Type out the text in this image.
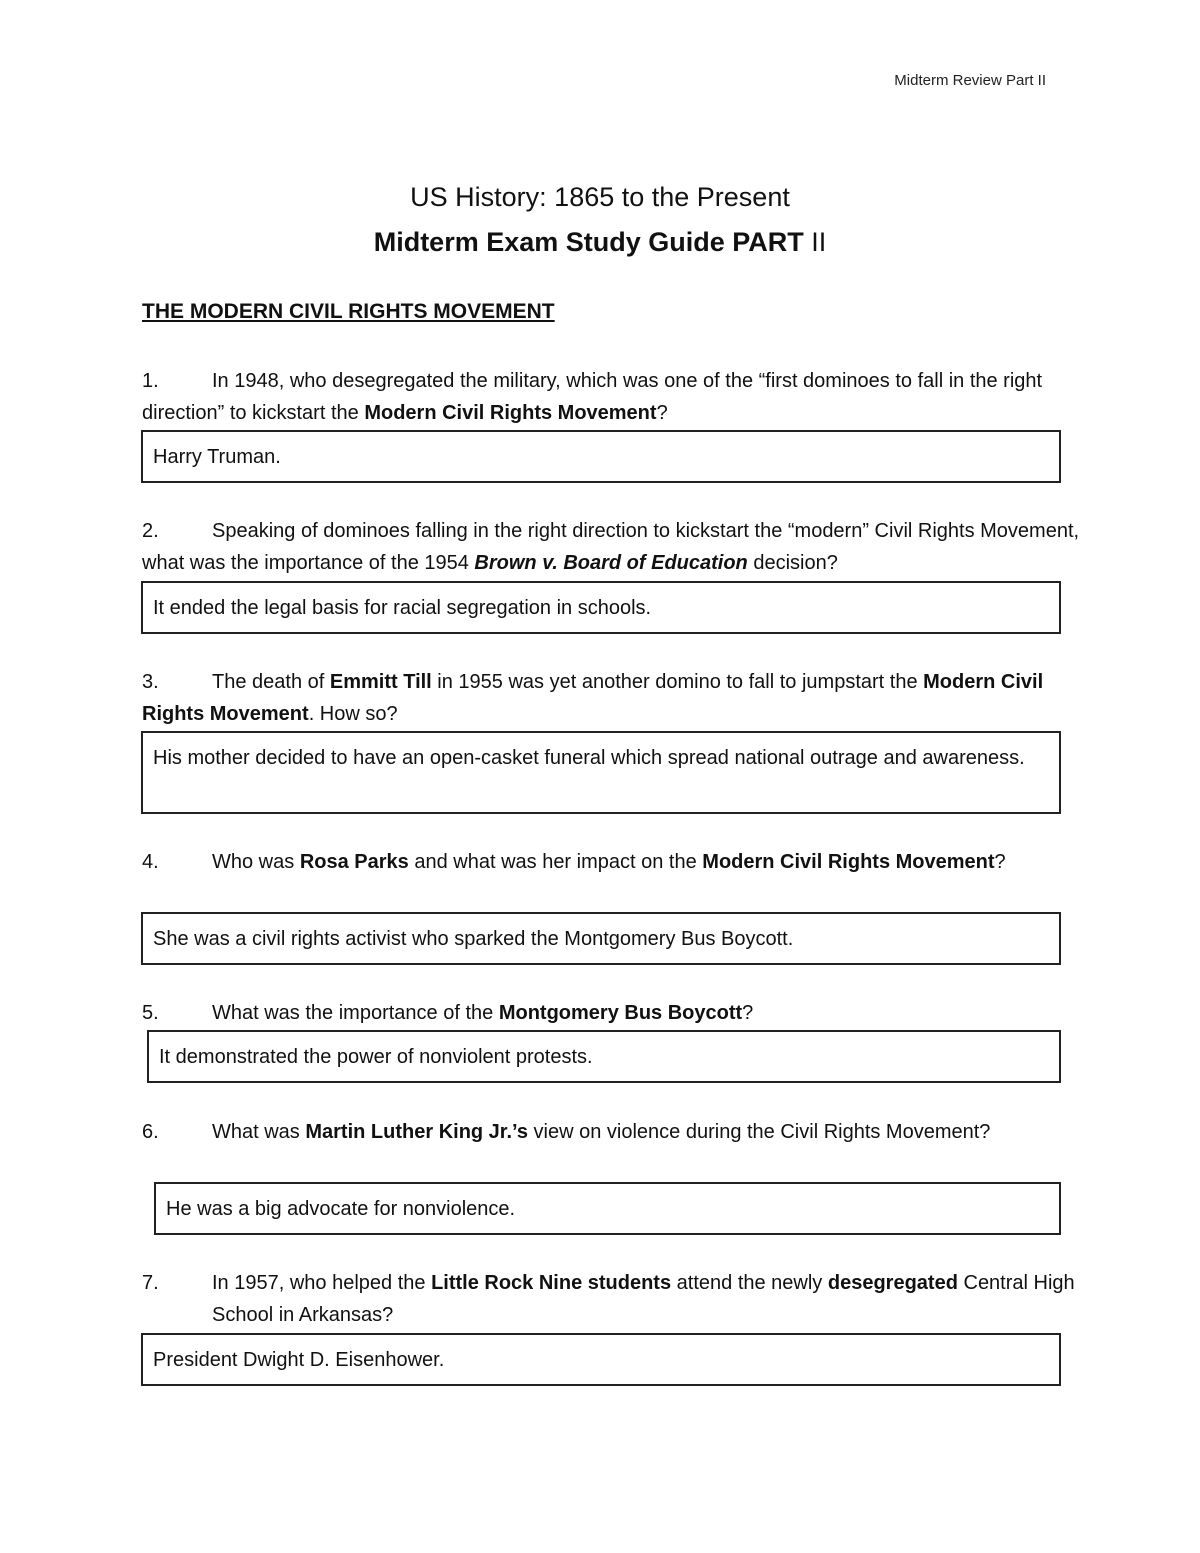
Midterm Review Part II
US History: 1865 to the Present
Midterm Exam Study Guide PART II
THE MODERN CIVIL RIGHTS MOVEMENT
1.	In 1948, who desegregated the military, which was one of the “first dominoes to fall in the right direction” to kickstart the Modern Civil Rights Movement?
Harry Truman.
2.	Speaking of dominoes falling in the right direction to kickstart the “modern” Civil Rights Movement, what was the importance of the 1954 Brown v. Board of Education decision?
It ended the legal basis for racial segregation in schools.
3.	The death of Emmitt Till in 1955 was yet another domino to fall to jumpstart the Modern Civil Rights Movement. How so?
His mother decided to have an open-casket funeral which spread national outrage and awareness.
4.	Who was Rosa Parks and what was her impact on the Modern Civil Rights Movement?
She was a civil rights activist who sparked the Montgomery Bus Boycott.
5.	What was the importance of the Montgomery Bus Boycott?
It demonstrated the power of nonviolent protests.
6.	What was Martin Luther King Jr.’s view on violence during the Civil Rights Movement?
He was a big advocate for nonviolence.
7.	In 1957, who helped the Little Rock Nine students attend the newly desegregated Central High School in Arkansas?
President Dwight D. Eisenhower.
